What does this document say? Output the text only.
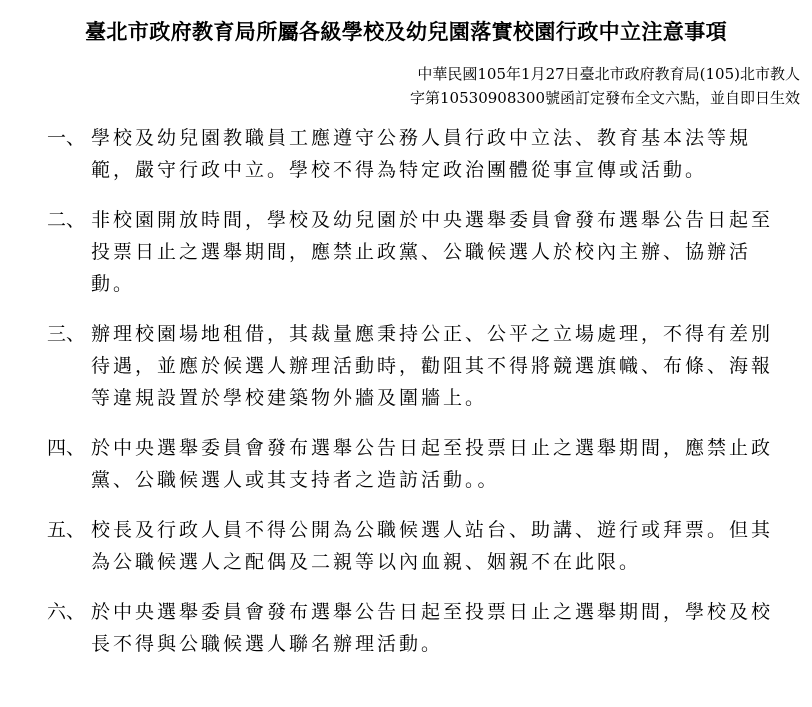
臺北市政府教育局所屬各級學校及幼兒園落實校園行政中立注意事項
中華民國105年1月27日臺北市政府教育局(105)北市教人
字第10530908300號函訂定發布全文六點，並自即日生效
一、 學校及幼兒園教職員工應遵守公務人員行政中立法、教育基本法等規範，嚴守行政中立。學校不得為特定政治團體從事宣傳或活動。
二、 非校園開放時間，學校及幼兒園於中央選舉委員會發布選舉公告日起至投票日止之選舉期間，應禁止政黨、公職候選人於校內主辦、協辦活動。
三、 辦理校園場地租借，其裁量應秉持公正、公平之立場處理，不得有差別待遇，並應於候選人辦理活動時，勸阻其不得將競選旗幟、布條、海報等違規設置於學校建築物外牆及圍牆上。
四、 於中央選舉委員會發布選舉公告日起至投票日止之選舉期間，應禁止政黨、公職候選人或其支持者之造訪活動。。
五、 校長及行政人員不得公開為公職候選人站台、助講、遊行或拜票。但其為公職候選人之配偶及二親等以內血親、姻親不在此限。
六、 於中央選舉委員會發布選舉公告日起至投票日止之選舉期間，學校及校長不得與公職候選人聯名辦理活動。
